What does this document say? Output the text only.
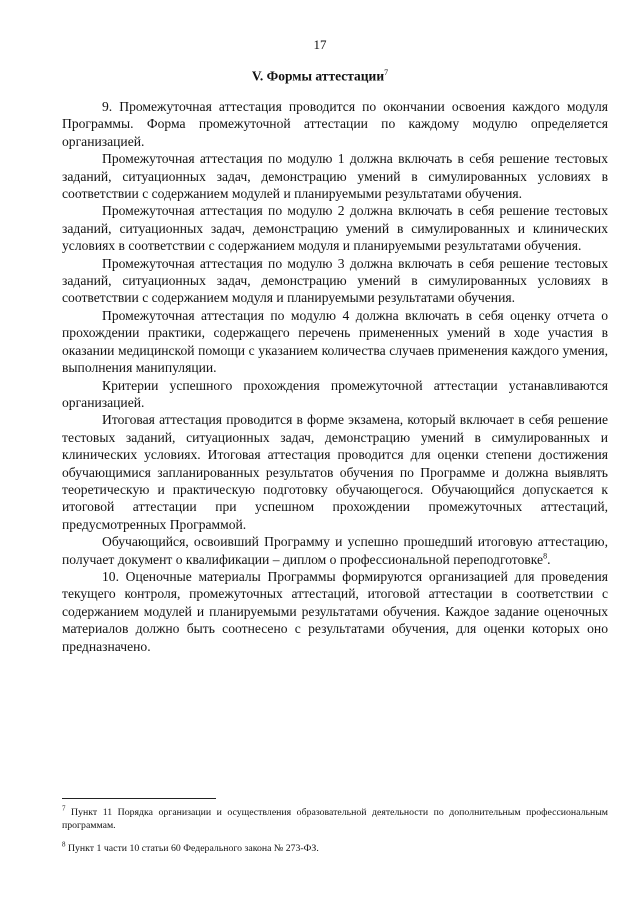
17
V. Формы аттестации$^7$

9. Промежуточная аттестация проводится по окончании освоения каждого модуля Программы. Форма промежуточной аттестации по каждому модулю определяется организацией.

Промежуточная аттестация по модулю 1 должна включать в себя решение тестовых заданий, ситуационных задач, демонстрацию умений в симулированных условиях в соответствии с содержанием модулей и планируемыми результатами обучения.

Промежуточная аттестация по модулю 2 должна включать в себя решение тестовых заданий, ситуационных задач, демонстрацию умений в симулированных и клинических условиях в соответствии с содержанием модуля и планируемыми результатами обучения.

Промежуточная аттестация по модулю 3 должна включать в себя решение тестовых заданий, ситуационных задач, демонстрацию умений в симулированных условиях в соответствии с содержанием модуля и планируемыми результатами обучения.

Промежуточная аттестация по модулю 4 должна включать в себя оценку отчета о прохождении практики, содержащего перечень примененных умений в ходе участия в оказании медицинской помощи с указанием количества случаев применения каждого умения, выполнения манипуляции.

Критерии успешного прохождения промежуточной аттестации устанавливаются организацией.

Итоговая аттестация проводится в форме экзамена, который включает в себя решение тестовых заданий, ситуационных задач, демонстрацию умений в симулированных и клинических условиях. Итоговая аттестация проводится для оценки степени достижения обучающимися запланированных результатов обучения по Программе и должна выявлять теоретическую и практическую подготовку обучающегося. Обучающийся допускается к итоговой аттестации при успешном прохождении промежуточных аттестаций, предусмотренных Программой.

Обучающийся, освоивший Программу и успешно прошедший итоговую аттестацию, получает документ о квалификации – диплом о профессиональной переподготовке$^8$.

10. Оценочные материалы Программы формируются организацией для проведения текущего контроля, промежуточных аттестаций, итоговой аттестации в соответствии с содержанием модулей и планируемыми результатами обучения. Каждое задание оценочных материалов должно быть соотнесено с результатами обучения, для оценки которых оно предназначено.

$^7$ Пункт 11 Порядка организации и осуществления образовательной деятельности по дополнительным профессиональным программам.

$^8$ Пункт 1 части 10 статьи 60 Федерального закона № 273-ФЗ.
